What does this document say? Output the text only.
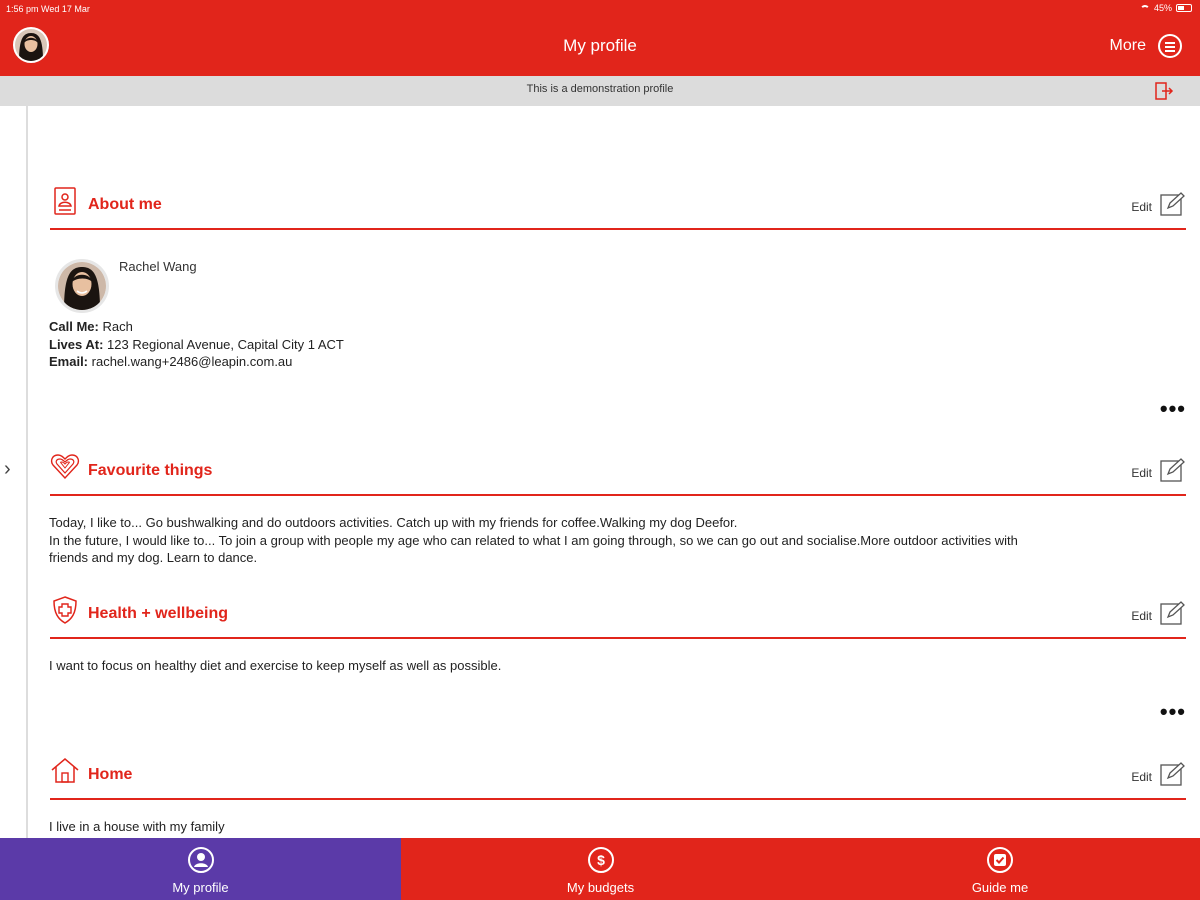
1:56 pm Wed 17 Mar	45%
My profile	More
This is a demonstration profile
›
About me	Edit
Rachel Wang
Call Me: Rach
Lives At: 123 Regional Avenue, Capital City 1 ACT
Email: rachel.wang+2486@leapin.com.au
•••
Favourite things	Edit
Today, I like to... Go bushwalking and do outdoors activities. Catch up with my friends for coffee.Walking my dog Deefor.
In the future, I would like to... To join a group with people my age who can related to what I am going through, so we can go out and socialise.More outdoor activities with
friends and my dog. Learn to dance.
Health + wellbeing	Edit
I want to focus on healthy diet and exercise to keep myself as well as possible.
•••
Home	Edit
I live in a house with my family
My profile
$
My budgets	Guide me
